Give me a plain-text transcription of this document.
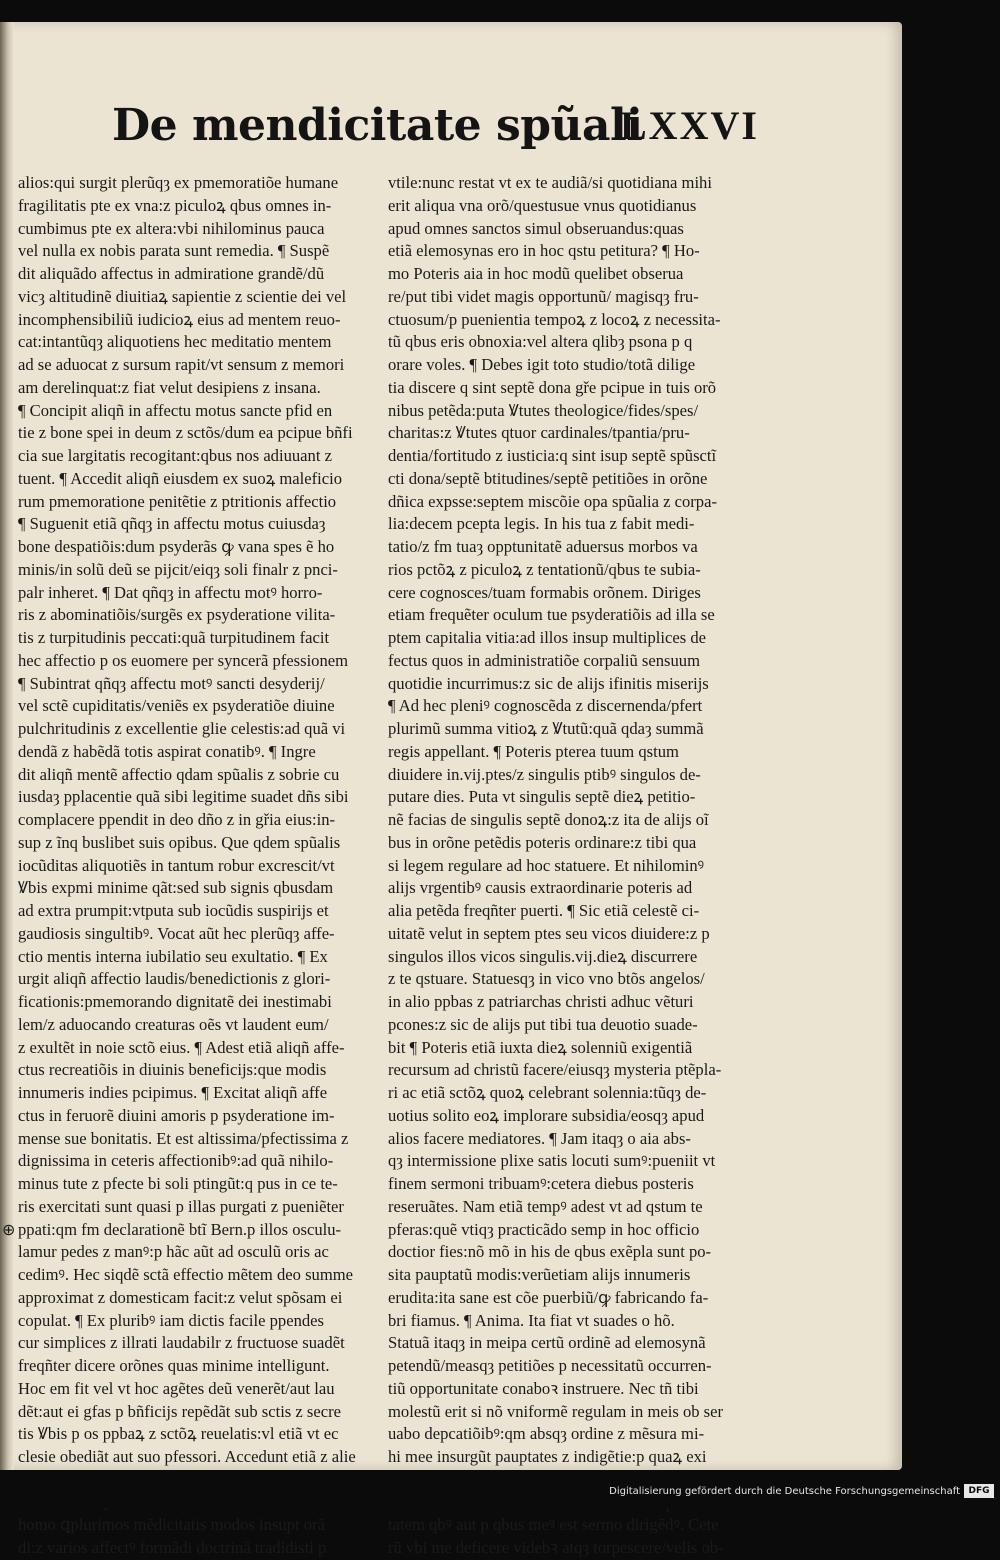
De mendicitate spũali
LXXVI
alios:qui surgit plerũqȝ ex pmemoratiõe humane
fragilitatis pte ex vna:z piculoꝝ qbus omnes in-
cumbimus pte ex altera:vbi nihilominus pauca
vel nulla ex nobis parata sunt remedia. ¶ Suspẽ
dit aliquãdo affectus in admiratione grandẽ/dũ
vicȝ altitudinẽ diuitiaꝝ sapientie z scientie dei vel
incomphensibiliũ iudicioꝝ eius ad mentem reuo-
cat:intantũqȝ aliquotiens hec meditatio mentem
ad se aduocat z sursum rapit/vt sensum z memori
am derelinquat:z fiat velut desipiens z insana.
¶ Concipit aliqñ in affectu motus sancte pfid en
tie z bone spei in deum z sctõs/dum ea pcipue bñfi
cia sue largitatis recogitant:qbus nos adiuuant z
tuent. ¶ Accedit aliqñ eiusdem ex suoꝝ maleficio
rum pmemoratione penitẽtie z ptritionis affectio
¶ Suguenit etiã qñqȝ in affectu motus cuiusdaȝ
bone despatiõis:dum psyderãs ꝙ vana spes ẽ ho
minis/in solũ deũ se pijcit/eiqȝ soli finalr z pnci-
palr inheret. ¶ Dat qñqȝ in affectu motꝰ horro-
ris z abominatiõis/surgẽs ex psyderatione vilita-
tis z turpitudinis peccati:quã turpitudinem facit
hec affectio p os euomere per syncerã pfessionem
¶ Subintrat qñqȝ affectu motꝰ sancti desyderij/
vel sctẽ cupiditatis/veniẽs ex psyderatiõe diuine
pulchritudinis z excellentie glie celestis:ad quã vi
dendã z habẽdã totis aspirat conatibꝰ. ¶ Ingre
dit aliqñ mentẽ affectio qdam spũalis z sobrie cu
iusdaȝ pplacentie quã sibi legitime suadet dñs sibi
complacere ppendit in deo dño z in gřia eius:in-
sup z ĩnq buslibet suis opibus. Que qdem spũalis
iocũditas aliquotiẽs in tantum robur excrescit/vt
Ꝟbis expmi minime qãt:sed sub signis qbusdam
ad extra prumpit:vtputa sub iocũdis suspirijs et
gaudiosis singultibꝰ. Vocat aũt hec plerũqȝ affe-
ctio mentis interna iubilatio seu exultatio. ¶ Ex
urgit aliqñ affectio laudis/benedictionis z glori-
ficationis:pmemorando dignitatẽ dei inestimabi
lem/z aduocando creaturas oẽs vt laudent eum/
z exultẽt in noie sctõ eius. ¶ Adest etiã aliqñ affe-
ctus recreatiõis in diuinis beneficijs:que modis
innumeris indies pcipimus. ¶ Excitat aliqñ affe
ctus in feruorẽ diuini amoris p psyderatione im-
mense sue bonitatis. Et est altissima/pfectissima z
dignissima in ceteris affectionibꝰ:ad quã nihilo-
minus tute z pfecte bi soli ptingũt:q pus in ce te-
ris exercitati sunt quasi p illas purgati z pueniẽter
ppati:qm fm declarationẽ btĩ Bern.p illos osculu-
lamur pedes z manꝰ:p hãc aũt ad osculũ oris ac
cedimꝰ. Hec siqdẽ sctã effectio mẽtem deo summe
approximat z domesticam facit:z velut spõsam ei
copulat. ¶ Ex pluribꝰ iam dictis facile ppendes
cur simplices z illrati laudabilr z fructuose suadẽt
freqñter dicere orõnes quas minime intelligunt.
Hoc em fit vel vt hoc agẽtes deũ venerẽt/aut lau
dẽt:aut ei gfas p bñficijs repẽdãt sub sctis z secre
tis Ꝟbis p os ppbaꝝ z sctõꝝ reuelatis:vl etiã vt ec
clesie obediãt aut suo pfessori. Accedunt etiã z alie
homo ꝗplurimos mẽdicitatis modos insupt orã
di:z varios affectꝰ formãdi doctrinã tradidisti p
vtile:nunc restat vt ex te audiã/si quotidiana mihi
erit aliqua vna orõ/questusue vnus quotidianus
apud omnes sanctos simul obseruandus:quas
etiã elemosynas ero in hoc qstu petitura? ¶ Ho-
mo Poteris aia in hoc modũ quelibet obserua
re/put tibi videt magis opportunũ/ magisqȝ fru-
ctuosum/p puenientia tempoꝝ z locoꝝ z necessita-
tũ qbus eris obnoxia:vel altera qlibȝ psona p q
orare voles. ¶ Debes igit toto studio/totã dilige
tia discere q sint septẽ dona gře pcipue in tuis orõ
nibus petẽda:puta Ꝟtutes theologice/fides/spes/
charitas:z Ꝟtutes qtuor cardinales/tpantia/pru-
dentia/fortitudo z iusticia:q sint isup septẽ spũsctĩ
cti dona/septẽ btitudines/septẽ petitiões in orõne
dñica expsse:septem miscõie opa spũalia z corpa-
lia:decem pcepta legis. In his tua z fabit medi-
tatio/z fm tuaȝ opptunitatẽ aduersus morbos va
rios pctõꝝ z piculoꝝ z tentationũ/qbus te subia-
cere cognosces/tuam formabis orõnem. Diriges
etiam frequẽter oculum tue psyderatiõis ad illa se
ptem capitalia vitia:ad illos insup multiplices de
fectus quos in administratiõe corpaliũ sensuum
quotidie incurrimus:z sic de alijs ifinitis miserijs
¶ Ad hec pleniꝰ cognoscẽda z discernenda/pfert
plurimũ summa vitioꝝ z Ꝟtutũ:quã qdaȝ summã
regis appellant. ¶ Poteris pterea tuum qstum
diuidere in.vij.ptes/z singulis ptibꝰ singulos de-
putare dies. Puta vt singulis septẽ dieꝝ petitio-
nẽ facias de singulis septẽ donoꝝ:z ita de alijs oĩ
bus in orõne petẽdis poteris ordinare:z tibi qua
si legem regulare ad hoc statuere. Et nihilominꝰ
alijs vrgentibꝰ causis extraordinarie poteris ad
alia petẽda freqñter puerti. ¶ Sic etiã celestẽ ci-
uitatẽ velut in septem ptes seu vicos diuidere:z p
singulos illos vicos singulis.vij.dieꝝ discurrere
z te qstuare. Statuesqȝ in vico vno btõs angelos/
in alio ppbas z patriarchas christi adhuc vẽturi
pcones:z sic de alijs put tibi tua deuotio suade-
bit ¶ Poteris etiã iuxta dieꝝ solenniũ exigentiã
recursum ad christũ facere/eiusqȝ mysteria ptẽpla-
ri ac etiã sctõꝝ quoꝝ celebrant solennia:tũqȝ de-
uotius solito eoꝝ implorare subsidia/eosqȝ apud
alios facere mediatores. ¶ Jam itaqȝ o aia abs-
qȝ intermissione plixe satis locuti sumꝰ:pueniit vt
finem sermoni tribuamꝰ:cetera diebus posteris
reseruãtes. Nam etiã tempꝰ adest vt ad qstum te
pferas:quẽ vtiqȝ practicãdo semp in hoc officio
doctior fies:nõ mõ in his de qbus exẽpla sunt po-
sita pauptatũ modis:verũetiam alijs innumeris
erudita:ita sane est cõe puerbiũ/ꝙ fabricando fa-
bri fiamus. ¶ Anima. Ita fiat vt suades o hõ.
Statuã itaqȝ in meipa certũ ordinẽ ad elemosynã
petendũ/measqȝ petitiões p necessitatũ occurren-
tiũ opportunitate conaboꝛ instruere. Nec tñ tibi
molestũ erit si nõ vniformẽ regulam in meis ob ser
uabo depcatiõibꝰ:qm absqȝ ordine z mẽsura mi-
hi mee insurgũt pauptates z indigẽtie:p quaꝝ exi
tatem qbꝰ aut p qbus meꝰ est sermo dirigẽdꝰ. Cete
rũ vbi me deficere videbꝛ atqȝ torpescere/velis ob-
⊕
Digitalisierung gefördert durch die Deutsche Forschungsgemeinschaft DFG
